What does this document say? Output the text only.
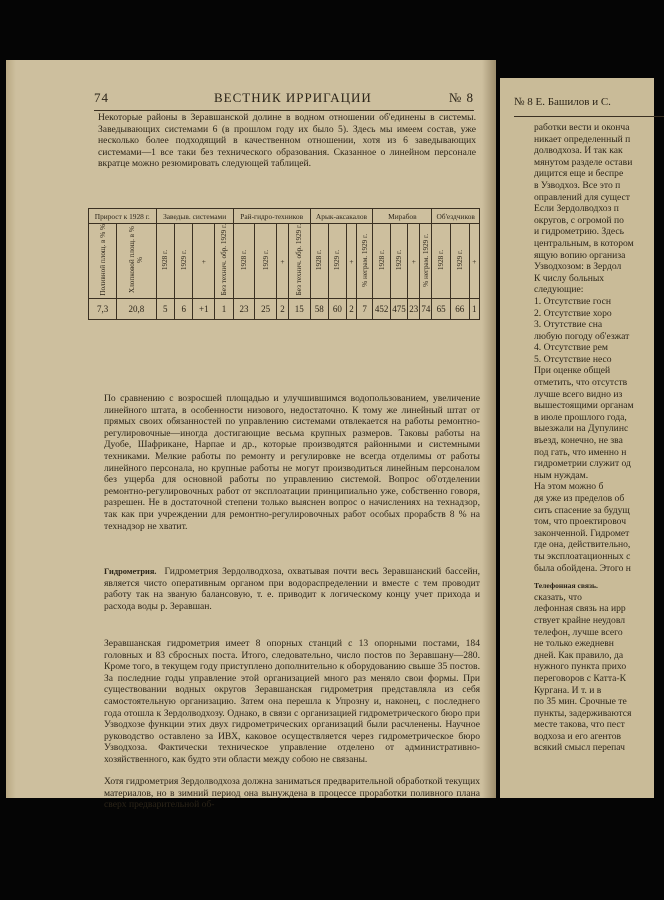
74	ВЕСТНИК ИРРИГАЦИИ	№ 8

Некоторые районы в Зеравшанской долине в водном отношении об'единены в системы. Заведывающих системами 6 (в прошлом году их было 5). Здесь мы имеем состав, уже несколько более подходящий в качественном отношении, хотя из 6 заведывающих системами—1 все таки без технического образования. Сказанное о линейном персонале вкратце можно резюмировать следующей таблицей.

Прирост к 1928 г.		Заведыв. системами				Рай-гидро-техников				Арык-аксакалов				Мирабов				Об'ездчиков		
Поливной площ. в % %	Хлопковой площ. в % %	1928 г.	1929 г.	+	Без технич. обр. 1929 г.	1928 г.	1929 г.	+	Без технич. обр. 1929 г.	1928 г.	1929 г.	+	% неграм. 1929 г.	1928 г.	1929 г.	+	% неграм. 1929 г.	1928 г.	1929 г.	+
7,3	20,8	5	6	+1	1	23	25	2	15	58	60	2	7	452	475	23	74	65	66	1

По сравнению с возросшей площадью и улучшившимся водопользованием, увеличение линейного штата, в особенности низового, недостаточно. К тому же линейный штат от прямых своих обязанностей по управлению системами отвлекается на работы ремонтно-регулировочные—иногда достигающие весьма крупных размеров. Таковы работы на Дуобе, Шафрикане, Нарпае и др., которые производятся районными и системными техниками. Мелкие работы по ремонту и регулировке не всегда отделимы от работы линейного персонала, но крупные работы не могут производиться линейным персоналом без ущерба для основной работы по управлению системой. Вопрос об'отделении ремонтно-регулировочных работ от эксплоатации принципиально уже, собственно говоря, разрешен. Не в достаточной степени только выяснен вопрос о начислениях на технадзор, так как при учреждении для ремонтно-регулировочных работ особых прорабств 8 % на технадзор не хватит.

Гидрометрия. Гидрометрия Зердолводхоза, охватывая почти весь Зеравшанский бассейн, является чисто оперативным органом при водораспределении и вместе с тем проводит работу так на званую балансовую, т. е. приводит к логическому концу учет прихода и расхода воды р. Зеравшан.

Зеравшанская гидрометрия имеет 8 опорных станций с 13 опорными постами, 184 головных и 83 сбросных поста. Итого, следовательно, число постов по Зеравшану—280. Кроме того, в текущем году приступлено дополнительно к оборудованию свыше 35 постов. За последние годы управление этой организацией много раз меняло свои формы. При существовании водных округов Зеравшанская гидрометрия представляла из себя самостоятельную организацию. Затем она перешла к Упрозну и, наконец, с последнего года отошла к Зердолводхозу. Однако, в связи с организацией гидрометрического бюро при Узводхозе функции этих двух гидрометрических организаций были расчленены. Научное руководство оставлено за ИВХ, каковое осуществляется через гидрометрическое бюро Узводхоза. Фактически техническое управление отделено от административно-хозяйственного, как будто эти области между собою не связаны.

Хотя гидрометрия Зердолводхоза должна заниматься предварительной обработкой текущих материалов, но в зимний период она вынуждена в процессе проработки поливного плана сверх предварительной об-

№ 8 Е. Башилов и С.
работки вести и оконча
никает определенный п
долводхоза. И так как
мянутом разделе остави
дицится еще и беспре
в Узводхоз. Все это п
оправлений для сущест
Если Зердолводхоз п
округов, с огромой по
и гидрометрию. Здесь
центральным, в котором
ящую вопию организа
Узводхозом: в Зердол
К числу больных
следующие:
1. Отсутствие госн
2. Отсутствие хоро
3. Отутствие сна
любую погоду об'езжат
4. Отсутствие рем
5. Отсутствие несо
При оценке общей
отметить, что отсутств
лучше всего видно из
вышестоящими органам
в июле прошлого года,
выезжали на Дупулинс
въезд, конечно, не зва
под гать, что именно н
гидрометрии служит од
ным нуждам.
На этом можно б
дя уже из пределов об
сить спасение за будущ
том, что проектировоч
законченной. Гидромет
где она, действительно,
ты эксплоатационных с
была обойдена. Этого н
Телефонная связь.
сказать, что
лефонная связь на ирр
ствует крайне неудовл
телефон, лучше всего
не только ежедневн
дней. Как правило, да
нужного пункта прихо
переговоров с Катта-К
Кургана. И т. и в
по 35 мин. Срочные те
пункты, задерживаются
месте такова, что пест
водхоза и его агентов
всякий смысл перепач
